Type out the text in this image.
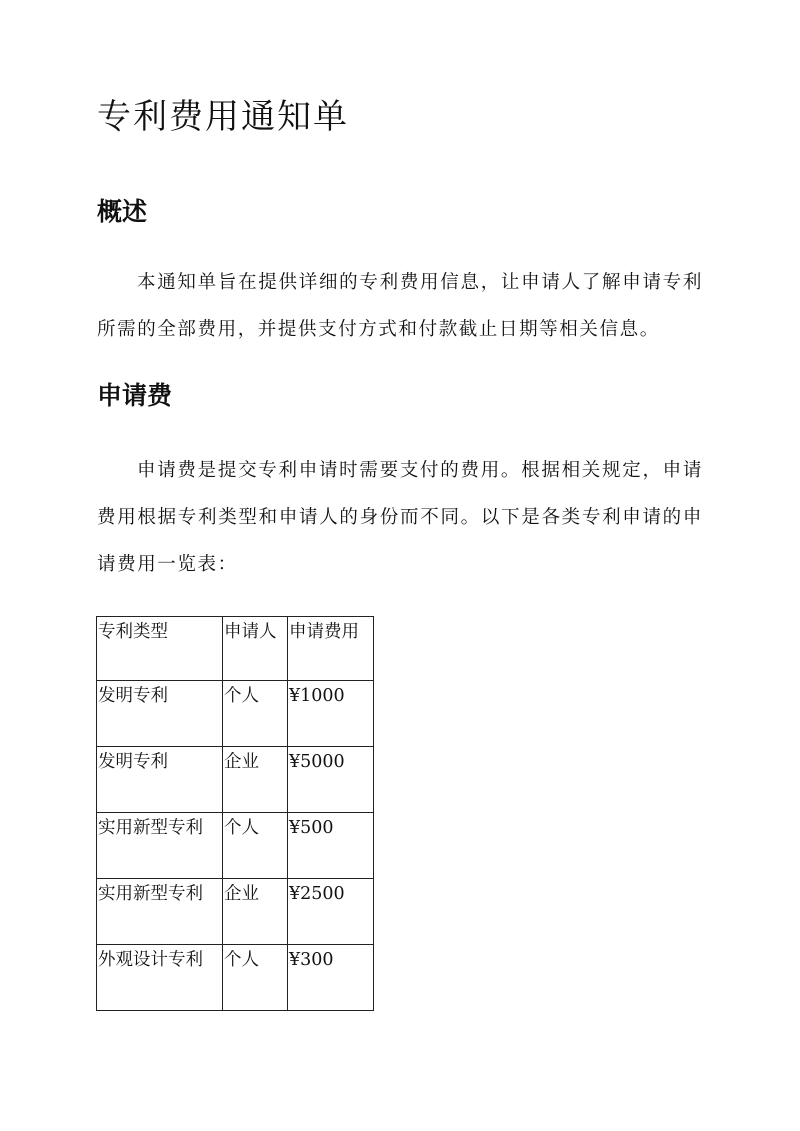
专利费用通知单
概述

本通知单旨在提供详细的专利费用信息，让申请人了解申请专利所需的全部费用，并提供支付方式和付款截止日期等相关信息。

申请费

申请费是提交专利申请时需要支付的费用。根据相关规定，申请费用根据专利类型和申请人的身份而不同。以下是各类专利申请的申请费用一览表：

专利类型	申请人	申请费用
发明专利	个人	¥1000
发明专利	企业	¥5000
实用新型专利	个人	¥500
实用新型专利	企业	¥2500
外观设计专利	个人	¥300
